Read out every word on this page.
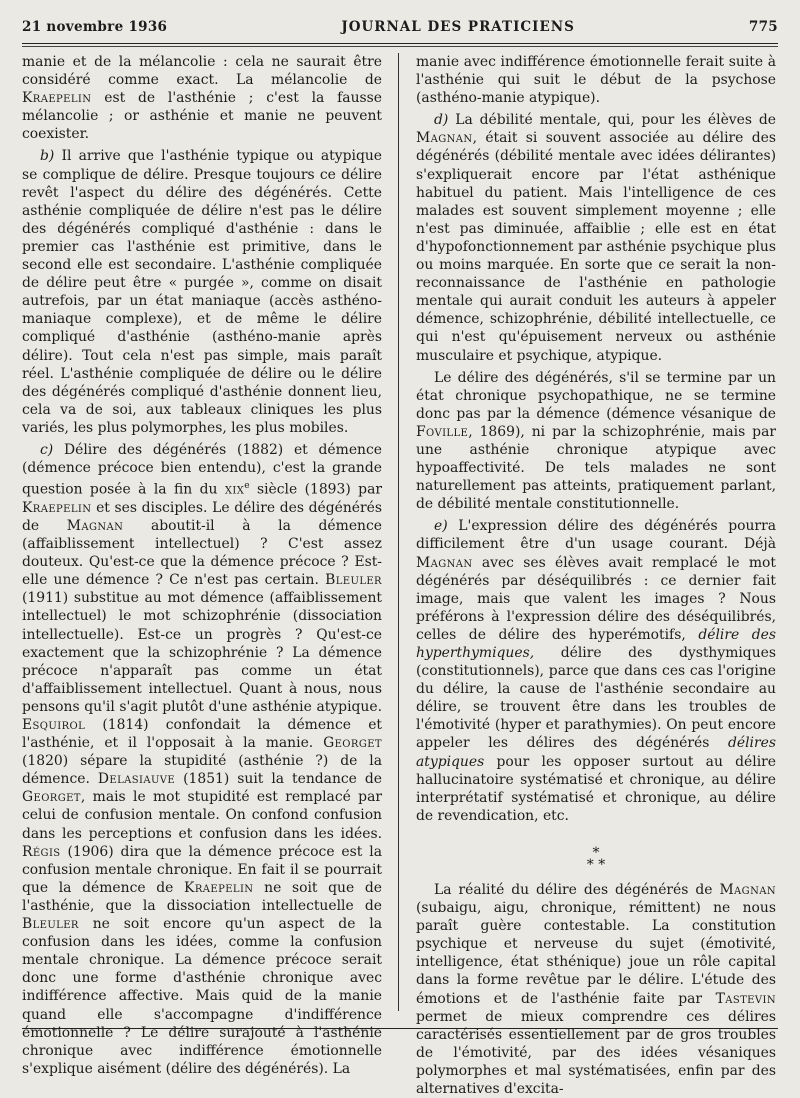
21 novembre 1936	JOURNAL DES PRATICIENS	775

manie et de la mélancolie : cela ne saurait être considéré comme exact. La mélancolie de Kraepelin est de l'asthénie ; c'est la fausse mélancolie ; or asthénie et manie ne peuvent coexister.

b) Il arrive que l'asthénie typique ou atypique se complique de délire. Presque toujours ce délire revêt l'aspect du délire des dégénérés. Cette asthénie compliquée de délire n'est pas le délire des dégénérés compliqué d'asthénie : dans le premier cas l'asthénie est primitive, dans le second elle est secondaire. L'asthénie compliquée de délire peut être « purgée », comme on disait autrefois, par un état maniaque (accès asthéno-maniaque complexe), et de même le délire compliqué d'asthénie (asthéno-manie après délire). Tout cela n'est pas simple, mais paraît réel. L'asthénie compliquée de délire ou le délire des dégénérés compliqué d'asthénie donnent lieu, cela va de soi, aux tableaux cliniques les plus variés, les plus polymorphes, les plus mobiles.

c) Délire des dégénérés (1882) et démence (démence précoce bien entendu), c'est la grande question posée à la fin du xix$^e$ siècle (1893) par Kraepelin et ses disciples. Le délire des dégénérés de Magnan aboutit-il à la démence (affaiblissement intellectuel) ? C'est assez douteux. Qu'est-ce que la démence précoce ? Est-elle une démence ? Ce n'est pas certain. Bleuler (1911) substitue au mot démence (affaiblissement intellectuel) le mot schizophrénie (dissociation intellectuelle). Est-ce un progrès ? Qu'est-ce exactement que la schizophrénie ? La démence précoce n'apparaît pas comme un état d'affaiblissement intellectuel. Quant à nous, nous pensons qu'il s'agit plutôt d'une asthénie atypique. Esquirol (1814) confondait la démence et l'asthénie, et il l'opposait à la manie. Georget (1820) sépare la stupidité (asthénie ?) de la démence. Delasiauve (1851) suit la tendance de Georget, mais le mot stupidité est remplacé par celui de confusion mentale. On confond confusion dans les perceptions et confusion dans les idées. Régis (1906) dira que la démence précoce est la confusion mentale chronique. En fait il se pourrait que la démence de Kraepelin ne soit que de l'asthénie, que la dissociation intellectuelle de Bleuler ne soit encore qu'un aspect de la confusion dans les idées, comme la confusion mentale chronique. La démence précoce serait donc une forme d'asthénie chronique avec indifférence affective. Mais quid de la manie quand elle s'accompagne d'indifférence émotionnelle ? Le délire surajouté à l'asthénie chronique avec indifférence émotionnelle s'explique aisément (délire des dégénérés). La

manie avec indifférence émotionnelle ferait suite à l'asthénie qui suit le début de la psychose (asthéno-manie atypique).

d) La débilité mentale, qui, pour les élèves de Magnan, était si souvent associée au délire des dégénérés (débilité mentale avec idées délirantes) s'expliquerait encore par l'état asthénique habituel du patient. Mais l'intelligence de ces malades est souvent simplement moyenne ; elle n'est pas diminuée, affaiblie ; elle est en état d'hypofonctionnement par asthénie psychique plus ou moins marquée. En sorte que ce serait la non-reconnaissance de l'asthénie en pathologie mentale qui aurait conduit les auteurs à appeler démence, schizophrénie, débilité intellectuelle, ce qui n'est qu'épuisement nerveux ou asthénie musculaire et psychique, atypique.

Le délire des dégénérés, s'il se termine par un état chronique psychopathique, ne se termine donc pas par la démence (démence vésanique de Foville, 1869), ni par la schizophrénie, mais par une asthénie chronique atypique avec hypoaffectivité. De tels malades ne sont naturellement pas atteints, pratiquement parlant, de débilité mentale constitutionnelle.

e) L'expression délire des dégénérés pourra difficilement être d'un usage courant. Déjà Magnan avec ses élèves avait remplacé le mot dégénérés par déséquilibrés : ce dernier fait image, mais que valent les images ? Nous préférons à l'expression délire des déséquilibrés, celles de délire des hyperémotifs, délire des hyperthymiques, délire des dysthymiques (constitutionnels), parce que dans ces cas l'origine du délire, la cause de l'asthénie secondaire au délire, se trouvent être dans les troubles de l'émotivité (hyper et parathymies). On peut encore appeler les délires des dégénérés délires atypiques pour les opposer surtout au délire hallucinatoire systématisé et chronique, au délire interprétatif systématisé et chronique, au délire de revendication, etc.

*
* *

La réalité du délire des dégénérés de Magnan (subaigu, aigu, chronique, rémittent) ne nous paraît guère contestable. La constitution psychique et nerveuse du sujet (émotivité, intelligence, état sthénique) joue un rôle capital dans la forme revêtue par le délire. L'étude des émotions et de l'asthénie faite par Tastevin permet de mieux comprendre ces délires caractérisés essentiellement par de gros troubles de l'émotivité, par des idées vésaniques polymorphes et mal systématisées, enfin par des alternatives d'excita-
